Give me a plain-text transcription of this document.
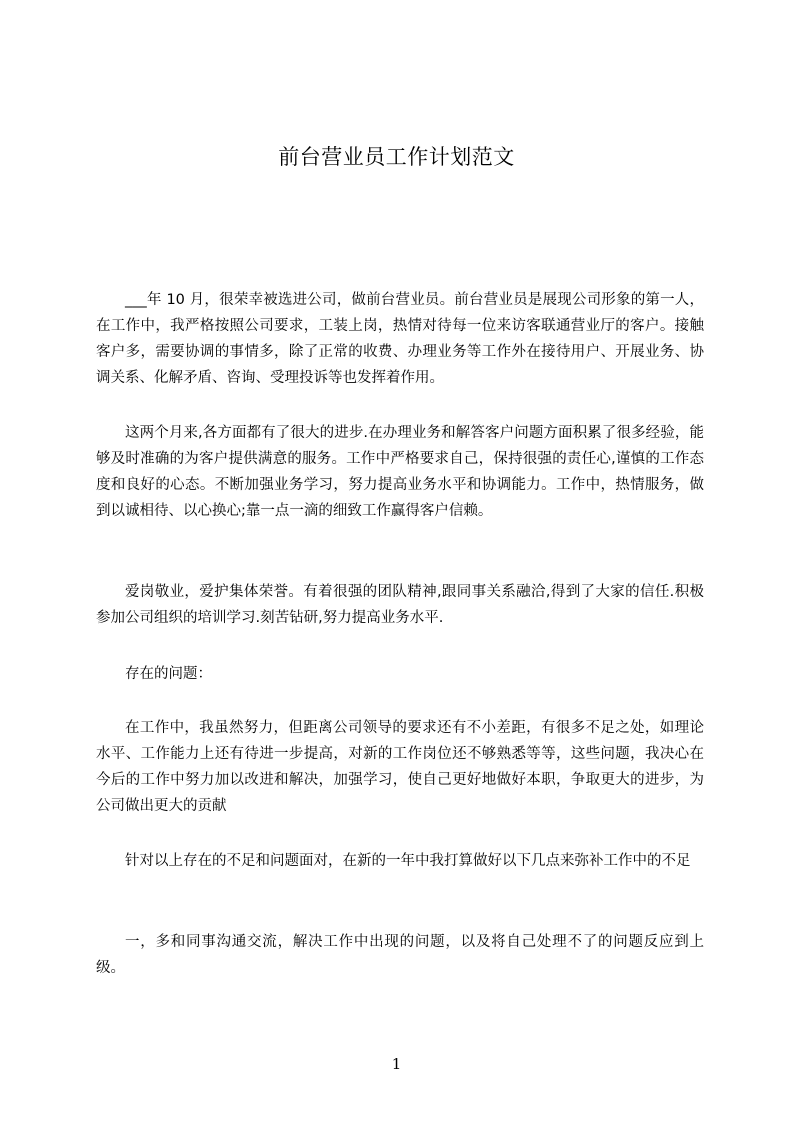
前台营业员工作计划范文

___年 10 月，很荣幸被选进公司，做前台营业员。前台营业员是展现公司形象的第一人，在工作中，我严格按照公司要求，工装上岗，热情对待每一位来访客联通营业厅的客户。接触客户多，需要协调的事情多，除了正常的收费、办理业务等工作外在接待用户、开展业务、协调关系、化解矛盾、咨询、受理投诉等也发挥着作用。

这两个月来,各方面都有了很大的进步.在办理业务和解答客户问题方面积累了很多经验，能够及时准确的为客户提供满意的服务。工作中严格要求自己，保持很强的责任心,谨慎的工作态度和良好的心态。不断加强业务学习，努力提高业务水平和协调能力。工作中，热情服务，做到以诚相待、以心换心;靠一点一滴的细致工作赢得客户信赖。

爱岗敬业，爱护集体荣誉。有着很强的团队精神,跟同事关系融洽,得到了大家的信任.积极参加公司组织的培训学习.刻苦钻研,努力提高业务水平.

存在的问题：

在工作中，我虽然努力，但距离公司领导的要求还有不小差距，有很多不足之处，如理论水平、工作能力上还有待进一步提高，对新的工作岗位还不够熟悉等等，这些问题，我决心在今后的工作中努力加以改进和解决，加强学习，使自己更好地做好本职，争取更大的进步，为公司做出更大的贡献

针对以上存在的不足和问题面对，在新的一年中我打算做好以下几点来弥补工作中的不足

一，多和同事沟通交流，解决工作中出现的问题，以及将自己处理不了的问题反应到上级。

1
